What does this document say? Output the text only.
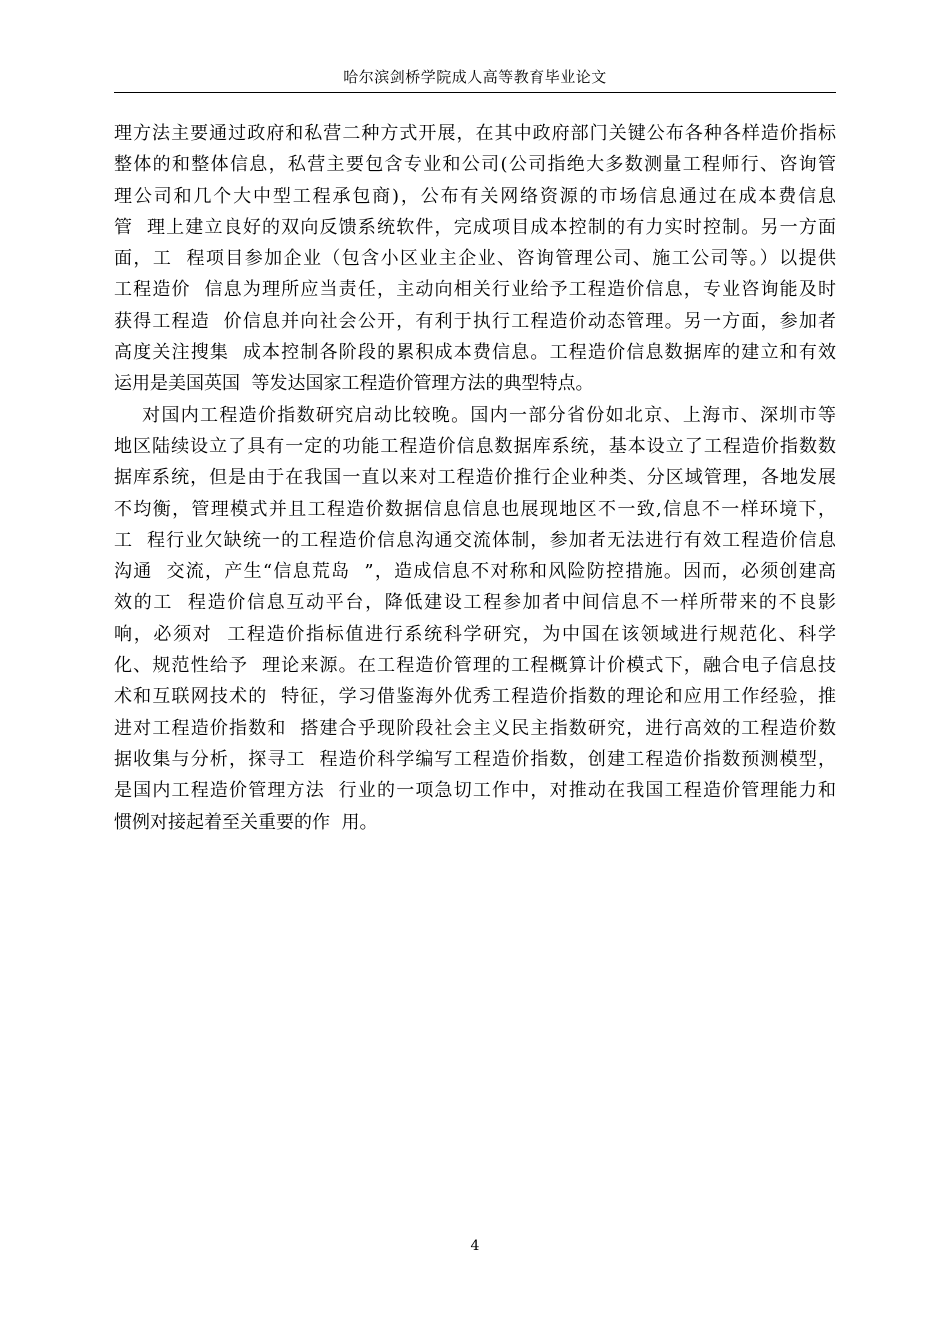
哈尔滨剑桥学院成人高等教育毕业论文
理方法主要通过政府和私营二种方式开展，在其中政府部门关键公布各种各样造价指标
整体的和整体信息，私营主要包含专业和公司(公司指绝大多数测量工程师行、咨询管
理公司和几个大中型工程承包商)，公布有关网络资源的市场信息通过在成本费信息
管  理上建立良好的双向反馈系统软件，完成项目成本控制的有力实时控制。另一方面
面，工  程项目参加企业（包含小区业主企业、咨询管理公司、施工公司等。）以提供
工程造价  信息为理所应当责任，主动向相关行业给予工程造价信息，专业咨询能及时
获得工程造  价信息并向社会公开，有利于执行工程造价动态管理。另一方面，参加者
高度关注搜集  成本控制各阶段的累积成本费信息。工程造价信息数据库的建立和有效
运用是美国英国  等发达国家工程造价管理方法的典型特点。
对国内工程造价指数研究启动比较晚。国内一部分省份如北京、上海市、深圳市等
地区陆续设立了具有一定的功能工程造价信息数据库系统，基本设立了工程造价指数数
据库系统，但是由于在我国一直以来对工程造价推行企业种类、分区域管理，各地发展
不均衡，管理模式并且工程造价数据信息信息也展现地区不一致,信息不一样环境下，
工  程行业欠缺统一的工程造价信息沟通交流体制，参加者无法进行有效工程造价信息
沟通  交流，产生“信息荒岛  ”，造成信息不对称和风险防控措施。因而，必须创建高
效的工  程造价信息互动平台，降低建设工程参加者中间信息不一样所带来的不良影
响，必须对  工程造价指标值进行系统科学研究，为中国在该领域进行规范化、科学
化、规范性给予  理论来源。在工程造价管理的工程概算计价模式下，融合电子信息技
术和互联网技术的  特征，学习借鉴海外优秀工程造价指数的理论和应用工作经验，推
进对工程造价指数和  搭建合乎现阶段社会主义民主指数研究，进行高效的工程造价数
据收集与分析，探寻工  程造价科学编写工程造价指数，创建工程造价指数预测模型，
是国内工程造价管理方法  行业的一项急切工作中，对推动在我国工程造价管理能力和
惯例对接起着至关重要的作  用。
4
